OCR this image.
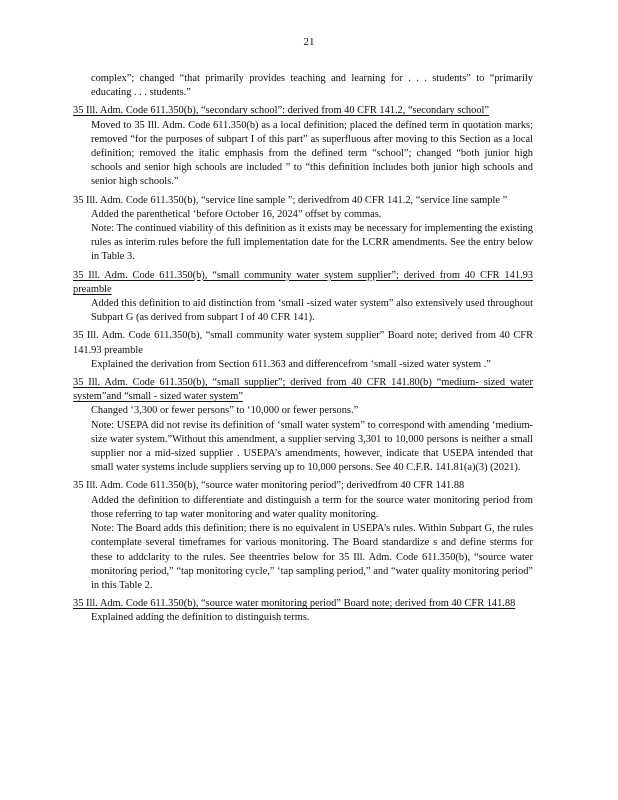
21

complex”; changed “that primarily provides teaching and learning for . . . students” to “primarily educating . . . students.”

35 Ill. Adm. Code 611.350(b), “secondary school”: derived from 40 CFR 141.2, “secondary school”

Moved to 35 Ill. Adm. Code 611.350(b) as a local definition; placed the defined term in quotation marks; removed “for the purposes of subpart I of this part” as superfluous after moving to this Section as a local definition; removed the italic emphasis from the defined term “school”; changed “both junior high schools and senior high schools are included ” to “this definition includes both junior high schools and senior high schools.”

35 Ill. Adm. Code 611.350(b), “service line sample ”; derivedfrom 40 CFR 141.2, “service line sample ”

Added the parenthetical ‘before October 16, 2024” offset by commas.

Note: The continued viability of this definition as it exists may be necessary for implementing the existing rules as interim rules before the full implementation date for the LCRR amendments. See the entry below in Table 3.

35 Ill. Adm. Code 611.350(b), “small community water system supplier”; derived from 40 CFR 141.93 preamble

Added this definition to aid distinction from ‘small -sized water system” also extensively used throughout Subpart G (as derived from subpart I of 40 CFR 141).

35 Ill. Adm. Code 611.350(b), “small community water system supplier” Board note; derived from 40 CFR 141.93 preamble

Explained the derivation from Section 611.363 and differencefrom ‘small -sized water system .”

35 Ill. Adm. Code 611.350(b), “small supplier”; derived from 40 CFR 141.80(b) “medium- sized water system”and “small - sized water system”

Changed ‘3,300 or fewer persons” to ‘10,000 or fewer persons.”

Note: USEPA did not revise its definition of ‘small water system” to correspond with amending ‘medium- size water system.”Without this amendment, a supplier serving 3,301 to 10,000 persons is neither a small supplier nor a mid-sized supplier . USEPA’s amendments, however, indicate that USEPA intended that small water systems include suppliers serving up to 10,000 persons. See 40 C.F.R. 141.81(a)(3) (2021).

35 Ill. Adm. Code 611.350(b), “source water monitoring period”; derivedfrom 40 CFR 141.88

Added the definition to differentiate and distinguish a term for the source water monitoring period from those referring to tap water monitoring and water quality monitoring.

Note: The Board adds this definition; there is no equivalent in USEPA’s rules. Within Subpart G, the rules contemplate several timeframes for various monitoring. The Board standardize s and define sterms for these to addclarity to the rules. See theentries below for 35 Ill. Adm. Code 611.350(b), “source water monitoring period,” “tap monitoring cycle,” ‘tap sampling period,” and “water quality monitoring period” in this Table 2.

35 Ill. Adm. Code 611.350(b), “source water monitoring period” Board note; derived from 40 CFR 141.88

Explained adding the definition to distinguish terms.
